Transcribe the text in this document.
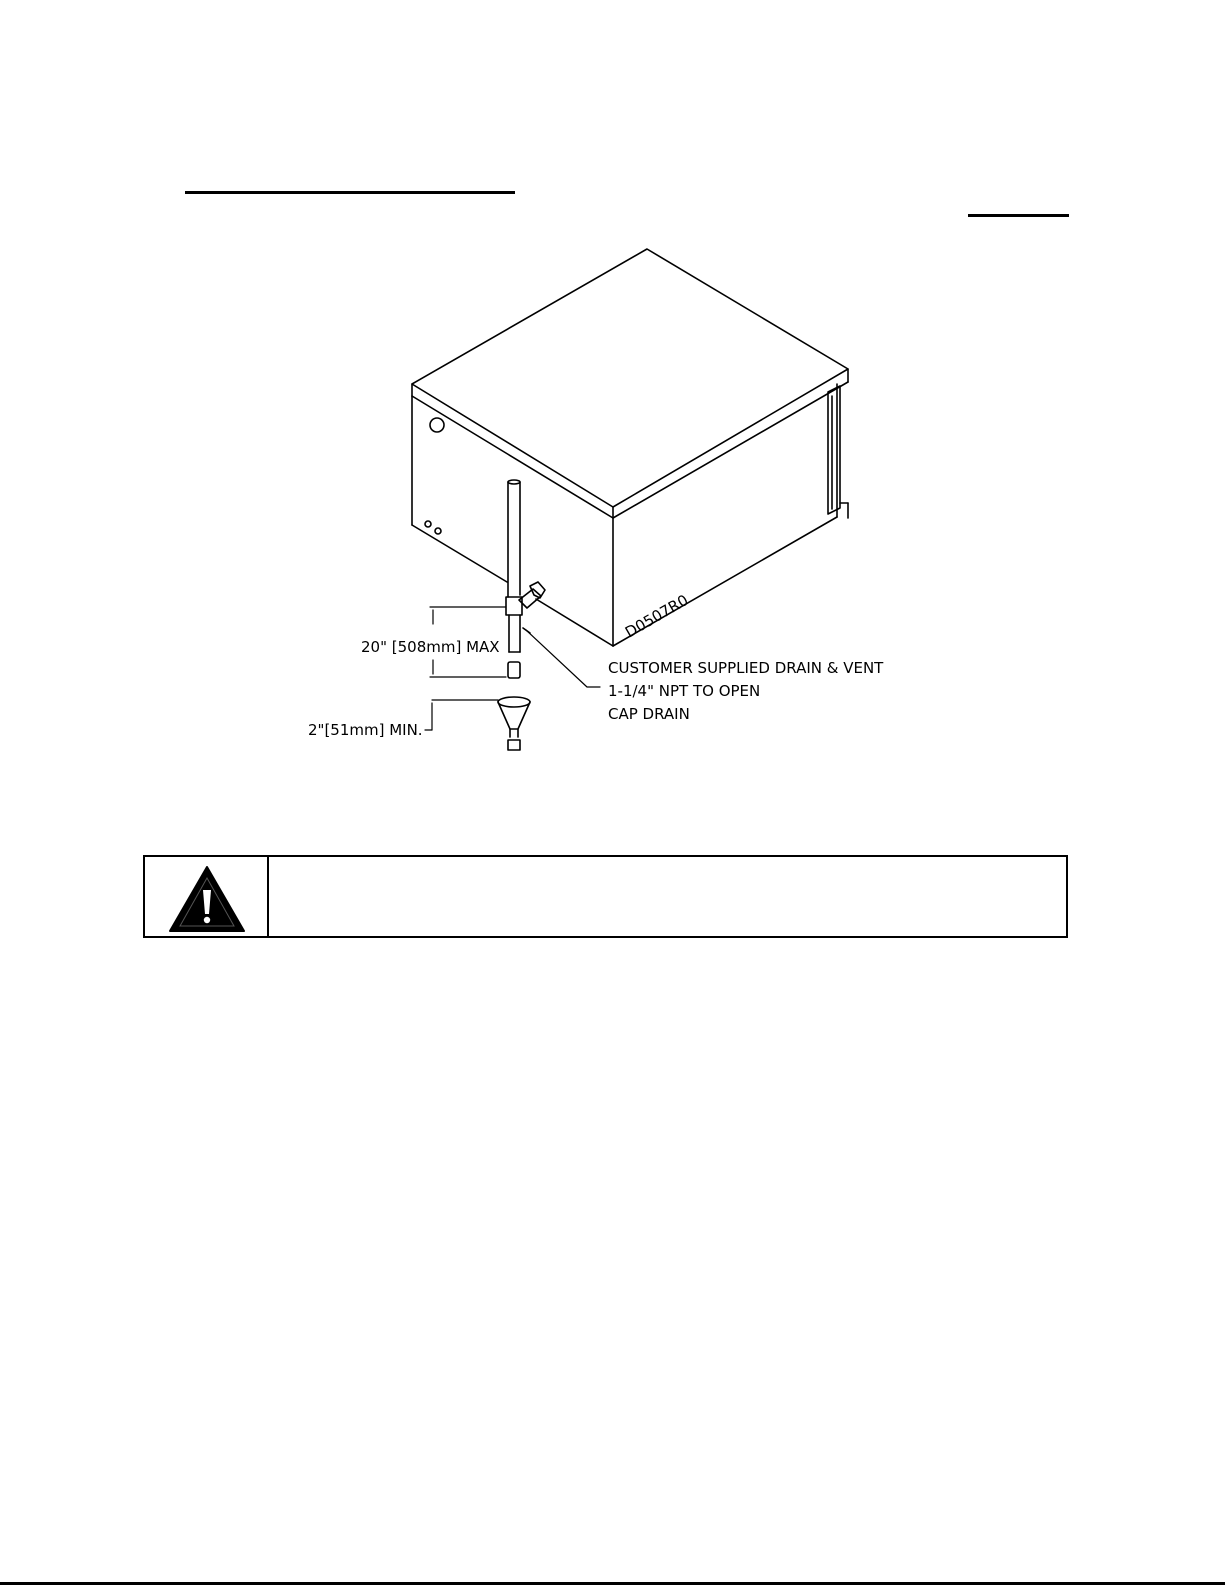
20" [508mm] MAX
2"[51mm] MIN.
CUSTOMER SUPPLIED DRAIN & VENT
1-1/4" NPT TO OPEN
CAP DRAIN
D0507R0
